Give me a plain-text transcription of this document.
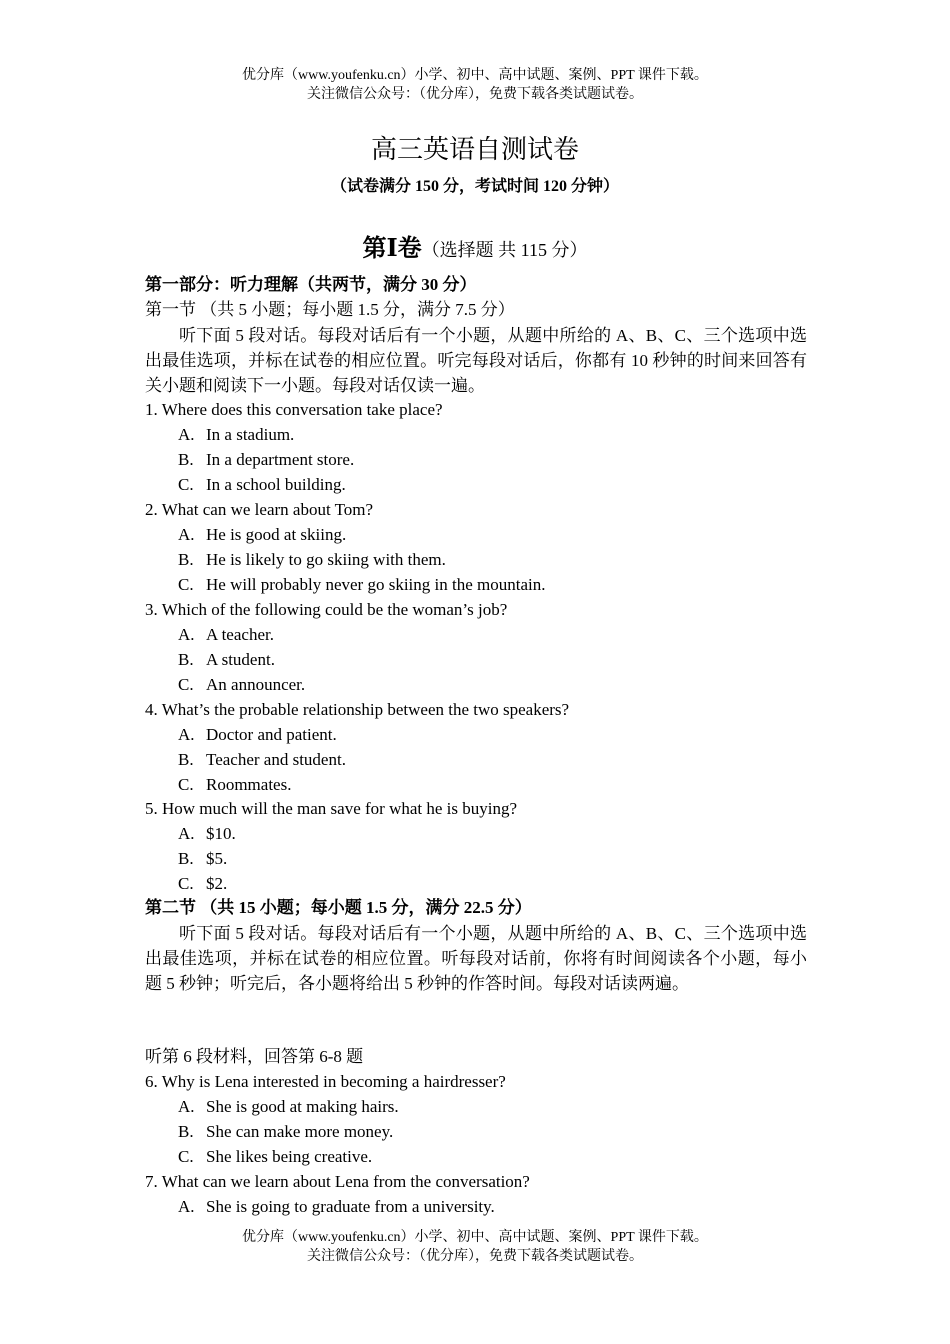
优分库（www.youfenku.cn）小学、初中、高中试题、案例、PPT 课件下载。
关注微信公众号：（优分库），免费下载各类试题试卷。
高三英语自测试卷
（试卷满分 150 分，考试时间 120 分钟）
第Ⅰ卷（选择题 共 115 分）
第一部分：听力理解（共两节，满分 30 分）
第一节 （共 5 小题；每小题 1.5 分，满分 7.5 分）
听下面 5 段对话。每段对话后有一个小题，从题中所给的 A、B、C、三个选项中选出最佳选项，并标在试卷的相应位置。听完每段对话后，你都有 10 秒钟的时间来回答有关小题和阅读下一小题。每段对话仅读一遍。
1. Where does this conversation take place?
A. In a stadium.
B. In a department store.
C. In a school building.
2. What can we learn about Tom?
A. He is good at skiing.
B. He is likely to go skiing with them.
C. He will probably never go skiing in the mountain.
3. Which of the following could be the woman’s job?
A. A teacher.
B. A student.
C. An announcer.
4. What’s the probable relationship between the two speakers?
A. Doctor and patient.
B. Teacher and student.
C. Roommates.
5. How much will the man save for what he is buying?
A. $10.
B. $5.
C. $2.
第二节 （共 15 小题；每小题 1.5 分，满分 22.5 分）
听下面 5 段对话。每段对话后有一个小题，从题中所给的 A、B、C、三个选项中选出最佳选项，并标在试卷的相应位置。听每段对话前，你将有时间阅读各个小题，每小题 5 秒钟；听完后，各小题将给出 5 秒钟的作答时间。每段对话读两遍。
听第 6 段材料，回答第 6-8 题
6. Why is Lena interested in becoming a hairdresser?
A. She is good at making hairs.
B. She can make more money.
C. She likes being creative.
7. What can we learn about Lena from the conversation?
A. She is going to graduate from a university.
优分库（www.youfenku.cn）小学、初中、高中试题、案例、PPT 课件下载。
关注微信公众号：（优分库），免费下载各类试题试卷。
